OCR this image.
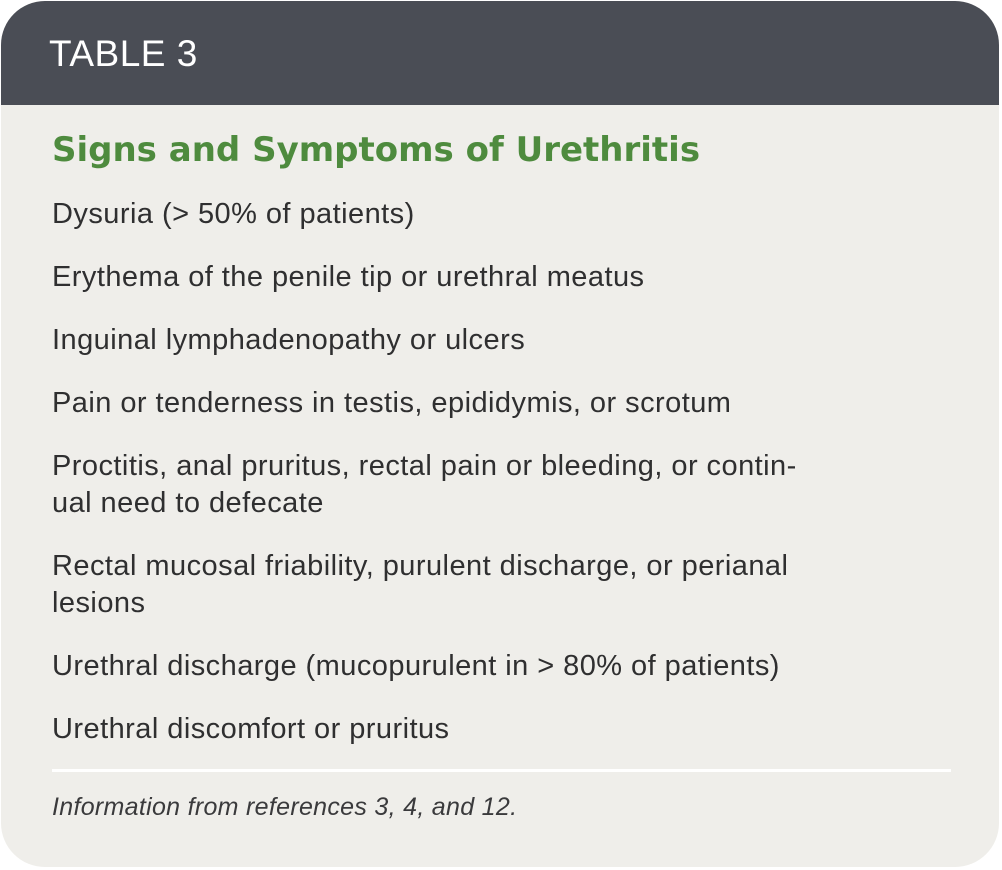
TABLE 3
Signs and Symptoms of Urethritis
Dysuria (> 50% of patients)
Erythema of the penile tip or urethral meatus
Inguinal lymphadenopathy or ulcers
Pain or tenderness in testis, epididymis, or scrotum
Proctitis, anal pruritus, rectal pain or bleeding, or contin-
ual need to defecate
Rectal mucosal friability, purulent discharge, or perianal
lesions
Urethral discharge (mucopurulent in > 80% of patients)
Urethral discomfort or pruritus
Information from references 3, 4, and 12.
